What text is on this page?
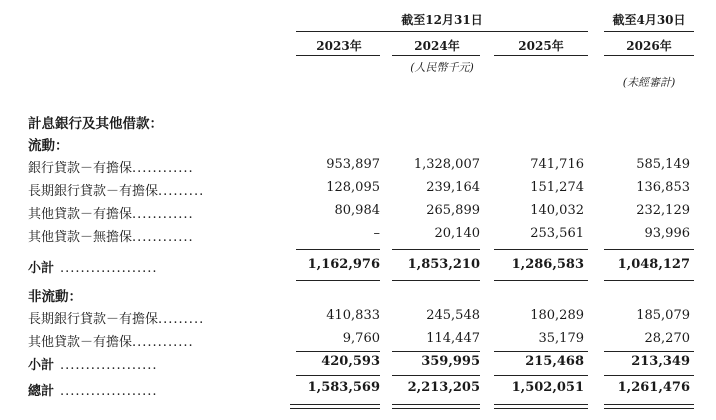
截至12月31日	截至4月30日
2023年	2024年	2025年	2026年
(人民幣千元)
(未經審計)
計息銀行及其他借款：
流動：
銀行貸款－有擔保............	953,897	1,328,007	741,716	585,149
長期銀行貸款－有擔保.........	128,095	239,164	151,274	136,853
其他貸款－有擔保............	80,984	265,899	140,032	232,129
其他貸款－無擔保............	–	20,140	253,561	93,996
小計 ...................	1,162,976	1,853,210	1,286,583	1,048,127
非流動：
長期銀行貸款－有擔保.........	410,833	245,548	180,289	185,079
其他貸款－有擔保............	9,760	114,447	35,179	28,270
小計 ...................	420,593	359,995	215,468	213,349
總計 ...................	1,583,569	2,213,205	1,502,051	1,261,476
